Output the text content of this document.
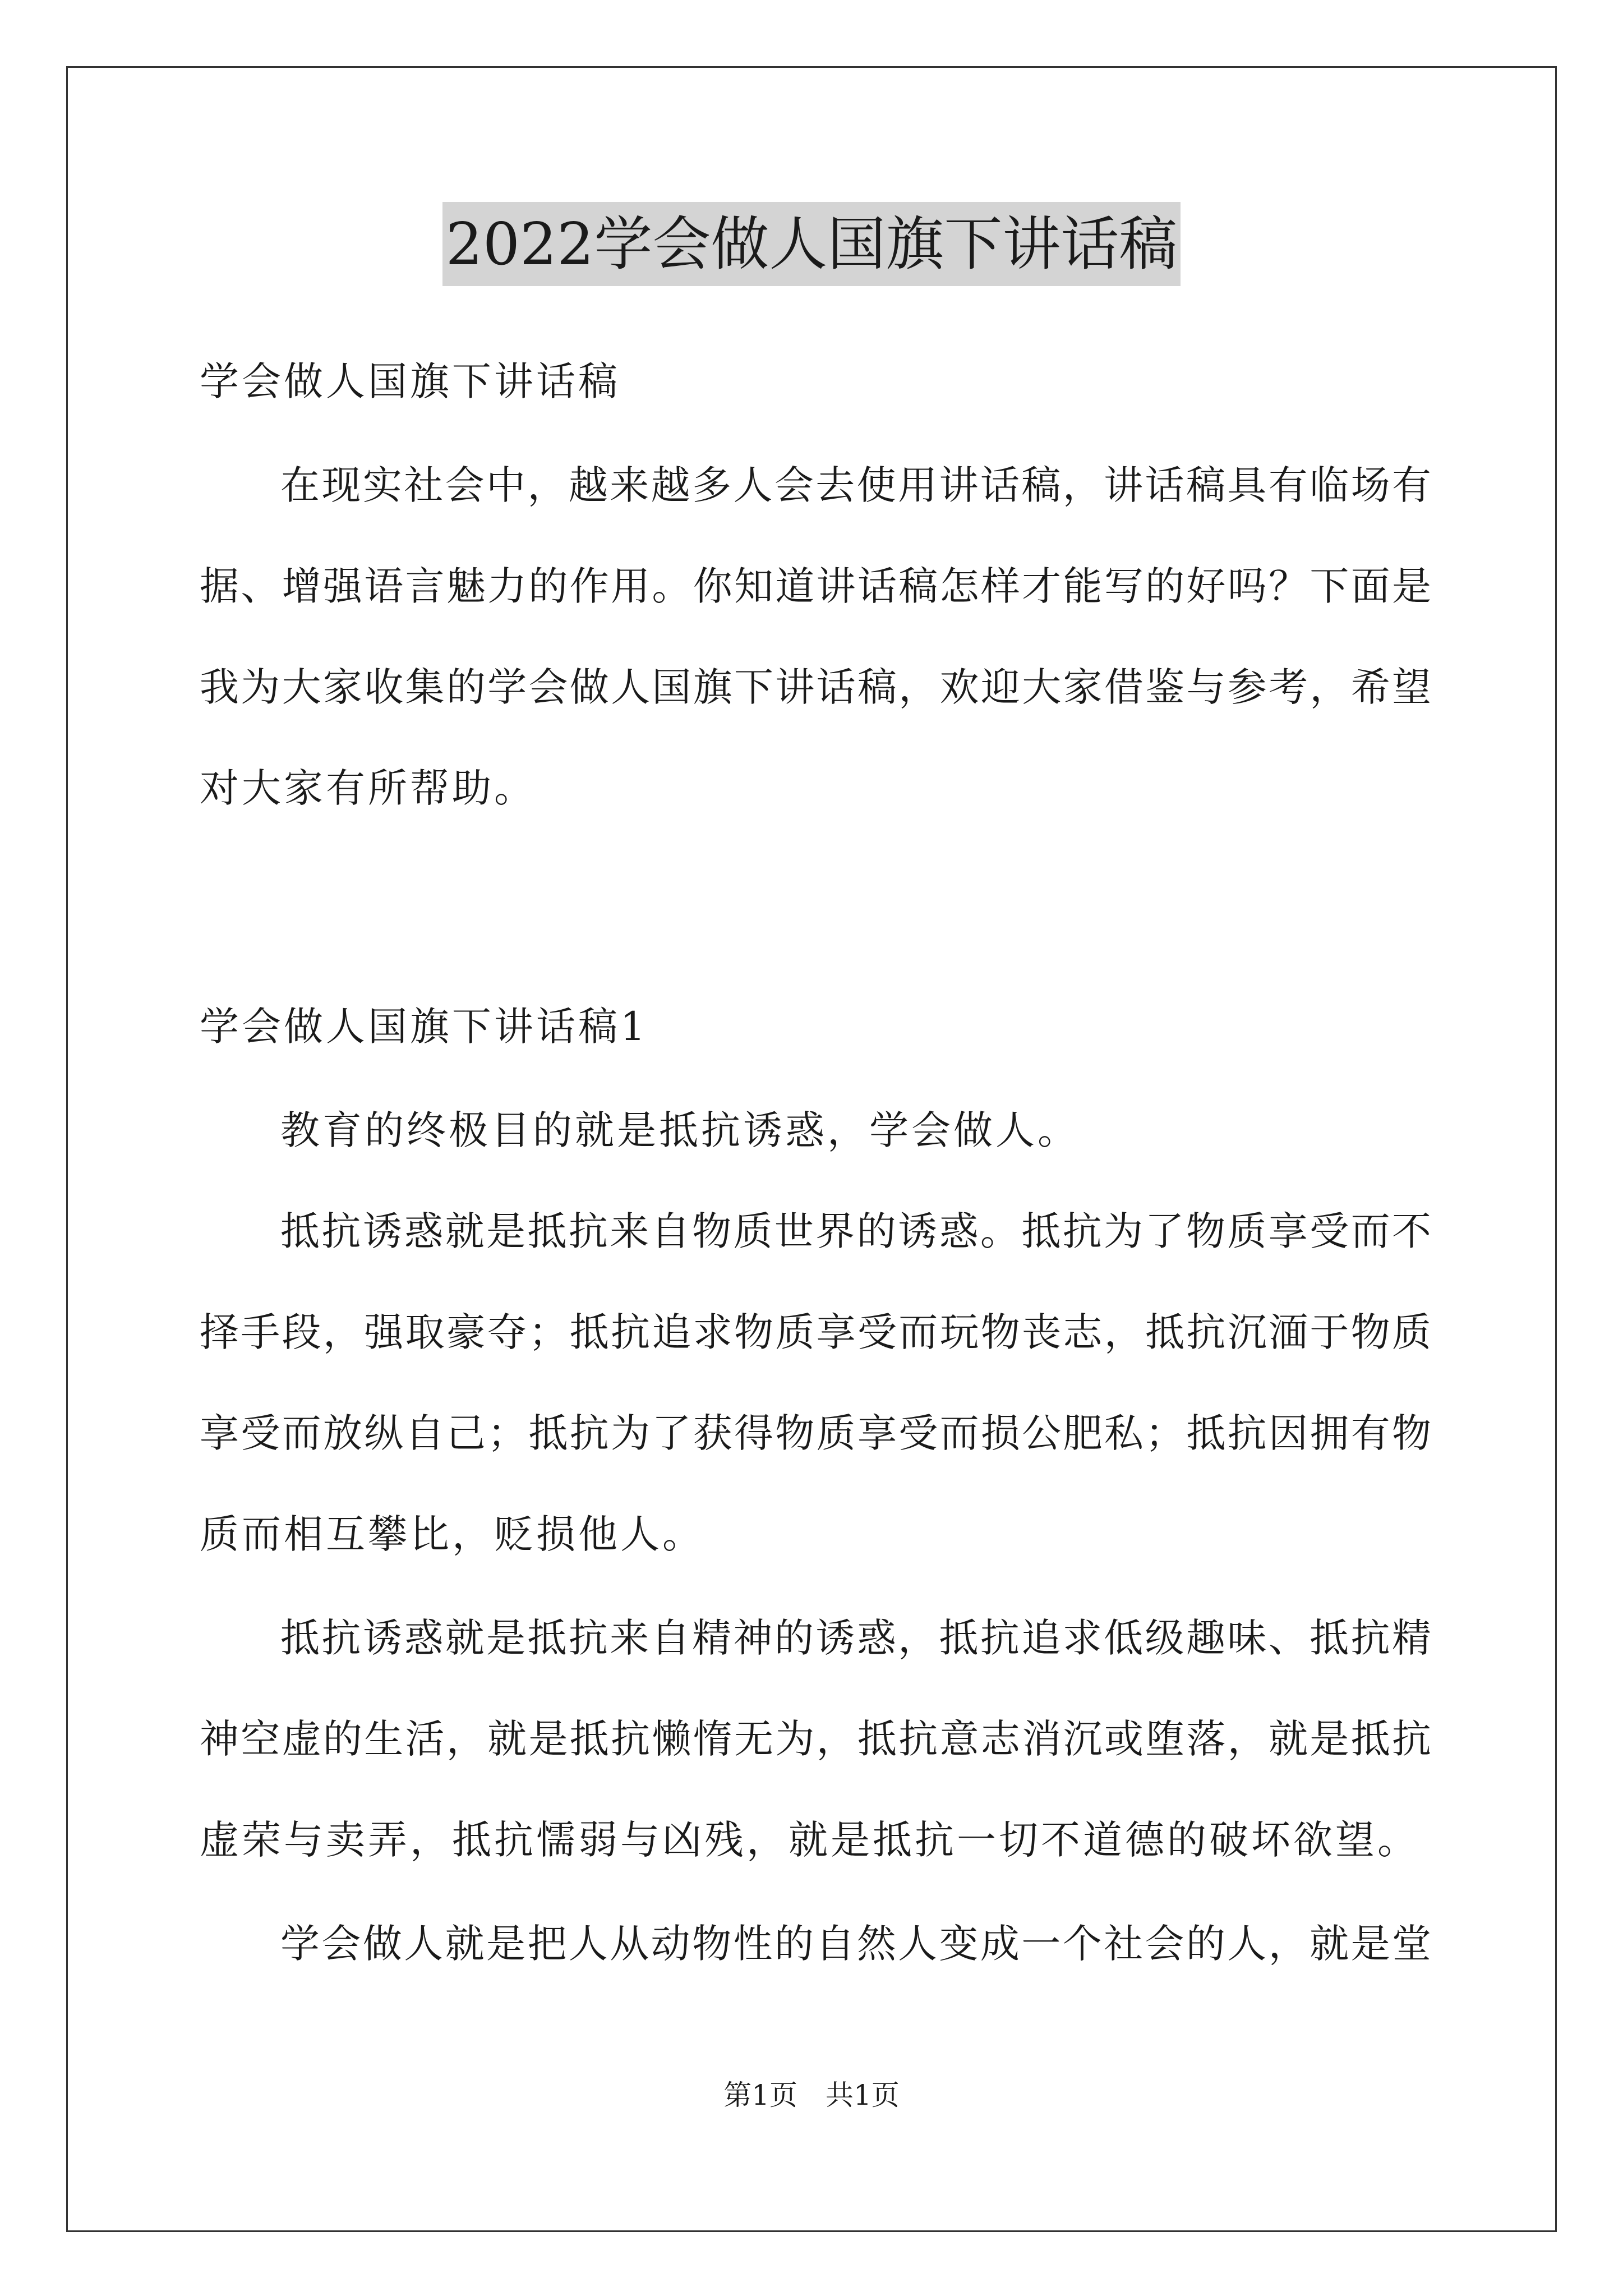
2022学会做人国旗下讲话稿
学会做人国旗下讲话稿
在现实社会中，越来越多人会去使用讲话稿，讲话稿具有临场有
据、增强语言魅力的作用。你知道讲话稿怎样才能写的好吗？下面是
我为大家收集的学会做人国旗下讲话稿，欢迎大家借鉴与参考，希望
对大家有所帮助。
学会做人国旗下讲话稿1
教育的终极目的就是抵抗诱惑，学会做人。
抵抗诱惑就是抵抗来自物质世界的诱惑。抵抗为了物质享受而不
择手段，强取豪夺；抵抗追求物质享受而玩物丧志，抵抗沉湎于物质
享受而放纵自己；抵抗为了获得物质享受而损公肥私；抵抗因拥有物
质而相互攀比，贬损他人。
抵抗诱惑就是抵抗来自精神的诱惑，抵抗追求低级趣味、抵抗精
神空虚的生活，就是抵抗懒惰无为，抵抗意志消沉或堕落，就是抵抗
虚荣与卖弄，抵抗懦弱与凶残，就是抵抗一切不道德的破坏欲望。
学会做人就是把人从动物性的自然人变成一个社会的人，就是堂
第1页　共1页
